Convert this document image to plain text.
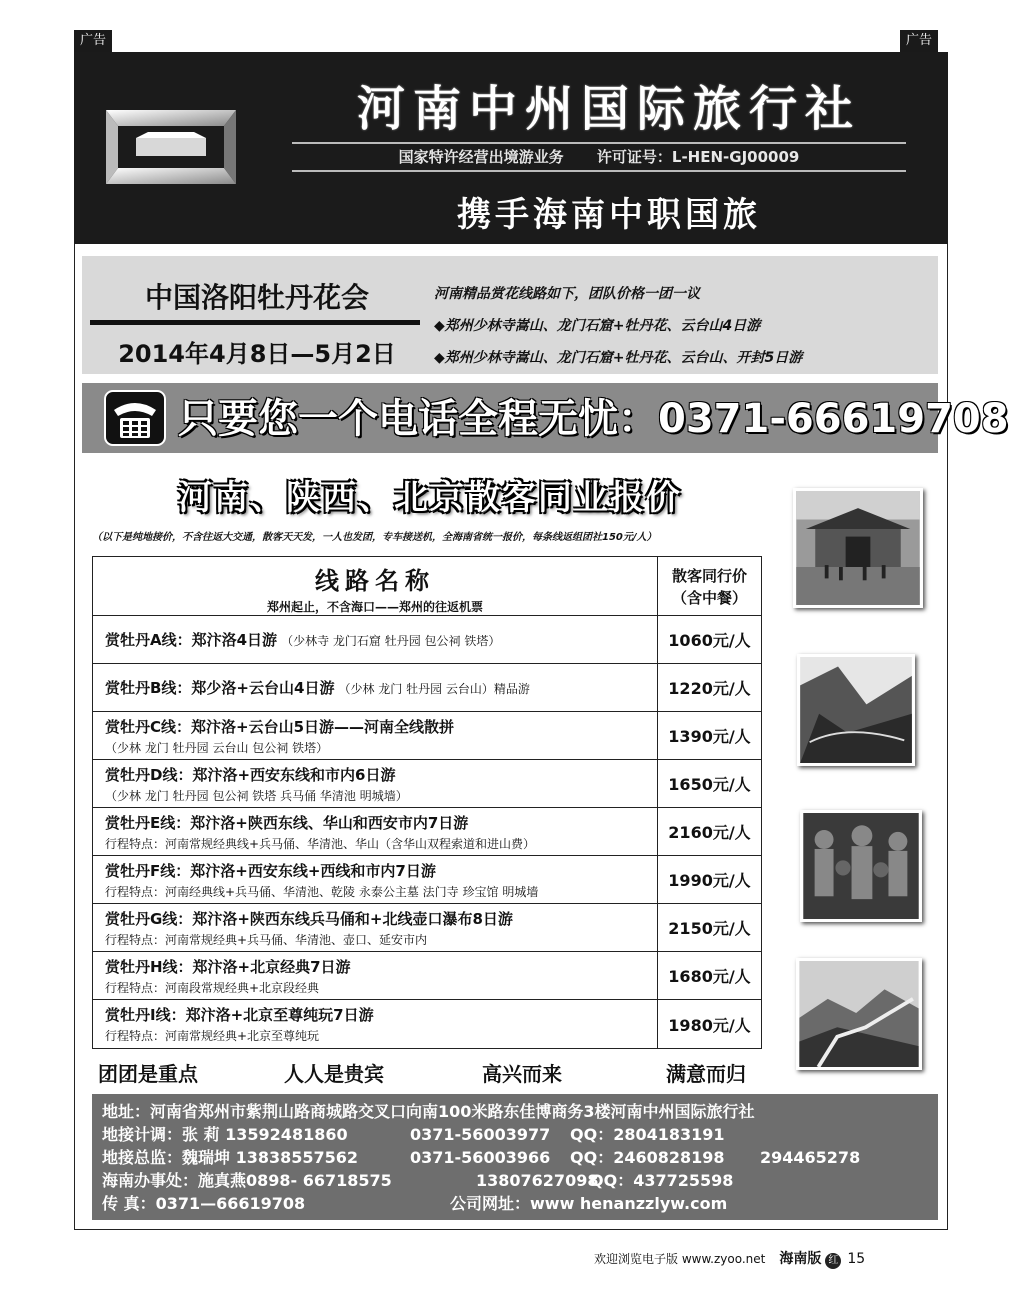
广告	广告
河南中州国际旅行社
国家特许经营出境游业务 许可证号：L-HEN-GJ00009
携手海南中职国旅
中国洛阳牡丹花会
2014年4月8日—5月2日
河南精品赏花线路如下，团队价格一团一议
◆郑州少林寺嵩山、龙门石窟+牡丹花、云台山4日游
◆郑州少林寺嵩山、龙门石窟+牡丹花、云台山、开封5日游
只要您一个电话全程无忧：0371-66619708
河南、陕西、北京散客同业报价
（以下是纯地接价，不含往返大交通，散客天天发，一人也发团，专车接送机，全海南省统一报价，每条线返组团社150元/人）
线路名称
郑州起止，不含海口——郑州的往返机票
散客同行价
（含中餐）
赏牡丹A线：郑汴洛4日游 （少林寺 龙门石窟 牡丹园 包公祠 铁塔）	1060元/人
赏牡丹B线：郑少洛+云台山4日游 （少林 龙门 牡丹园 云台山）精品游	1220元/人
赏牡丹C线：郑汴洛+云台山5日游——河南全线散拼
（少林 龙门 牡丹园 云台山 包公祠 铁塔）
1390元/人
赏牡丹D线：郑汴洛+西安东线和市内6日游
（少林 龙门 牡丹园 包公祠 铁塔 兵马俑 华清池 明城墙）
1650元/人
赏牡丹E线：郑汴洛+陕西东线、华山和西安市内7日游
行程特点：河南常规经典线+兵马俑、华清池、华山（含华山双程索道和进山费）
2160元/人
赏牡丹F线：郑汴洛+西安东线+西线和市内7日游
行程特点：河南经典线+兵马俑、华清池、乾陵 永泰公主墓 法门寺 珍宝馆 明城墙
1990元/人
赏牡丹G线：郑汴洛+陕西东线兵马俑和+北线壶口瀑布8日游
行程特点：河南常规经典+兵马俑、华清池、壶口、延安市内
2150元/人
赏牡丹H线：郑汴洛+北京经典7日游
行程特点：河南段常规经典+北京段经典
1680元/人
赏牡丹I线：郑汴洛+北京至尊纯玩7日游
行程特点：河南常规经典+北京至尊纯玩
1980元/人
团团是重点	人人是贵宾	高兴而来	满意而归
地址：河南省郑州市紫荆山路商城路交叉口向南100米路东佳博商务3楼河南中州国际旅行社
地接计调：张 莉 13592481860	0371-56003977 QQ：2804183191
地接总监：魏瑞坤 13838557562	0371-56003966 QQ：2460828198 294465278
海南办事处：施真燕0898- 66718575	13807627098QQ：437725598
传 真：0371—66619708	公司网址：www henanzzlyw.com
欢迎浏览电子版 www.zyoo.net 海南版 红 15
